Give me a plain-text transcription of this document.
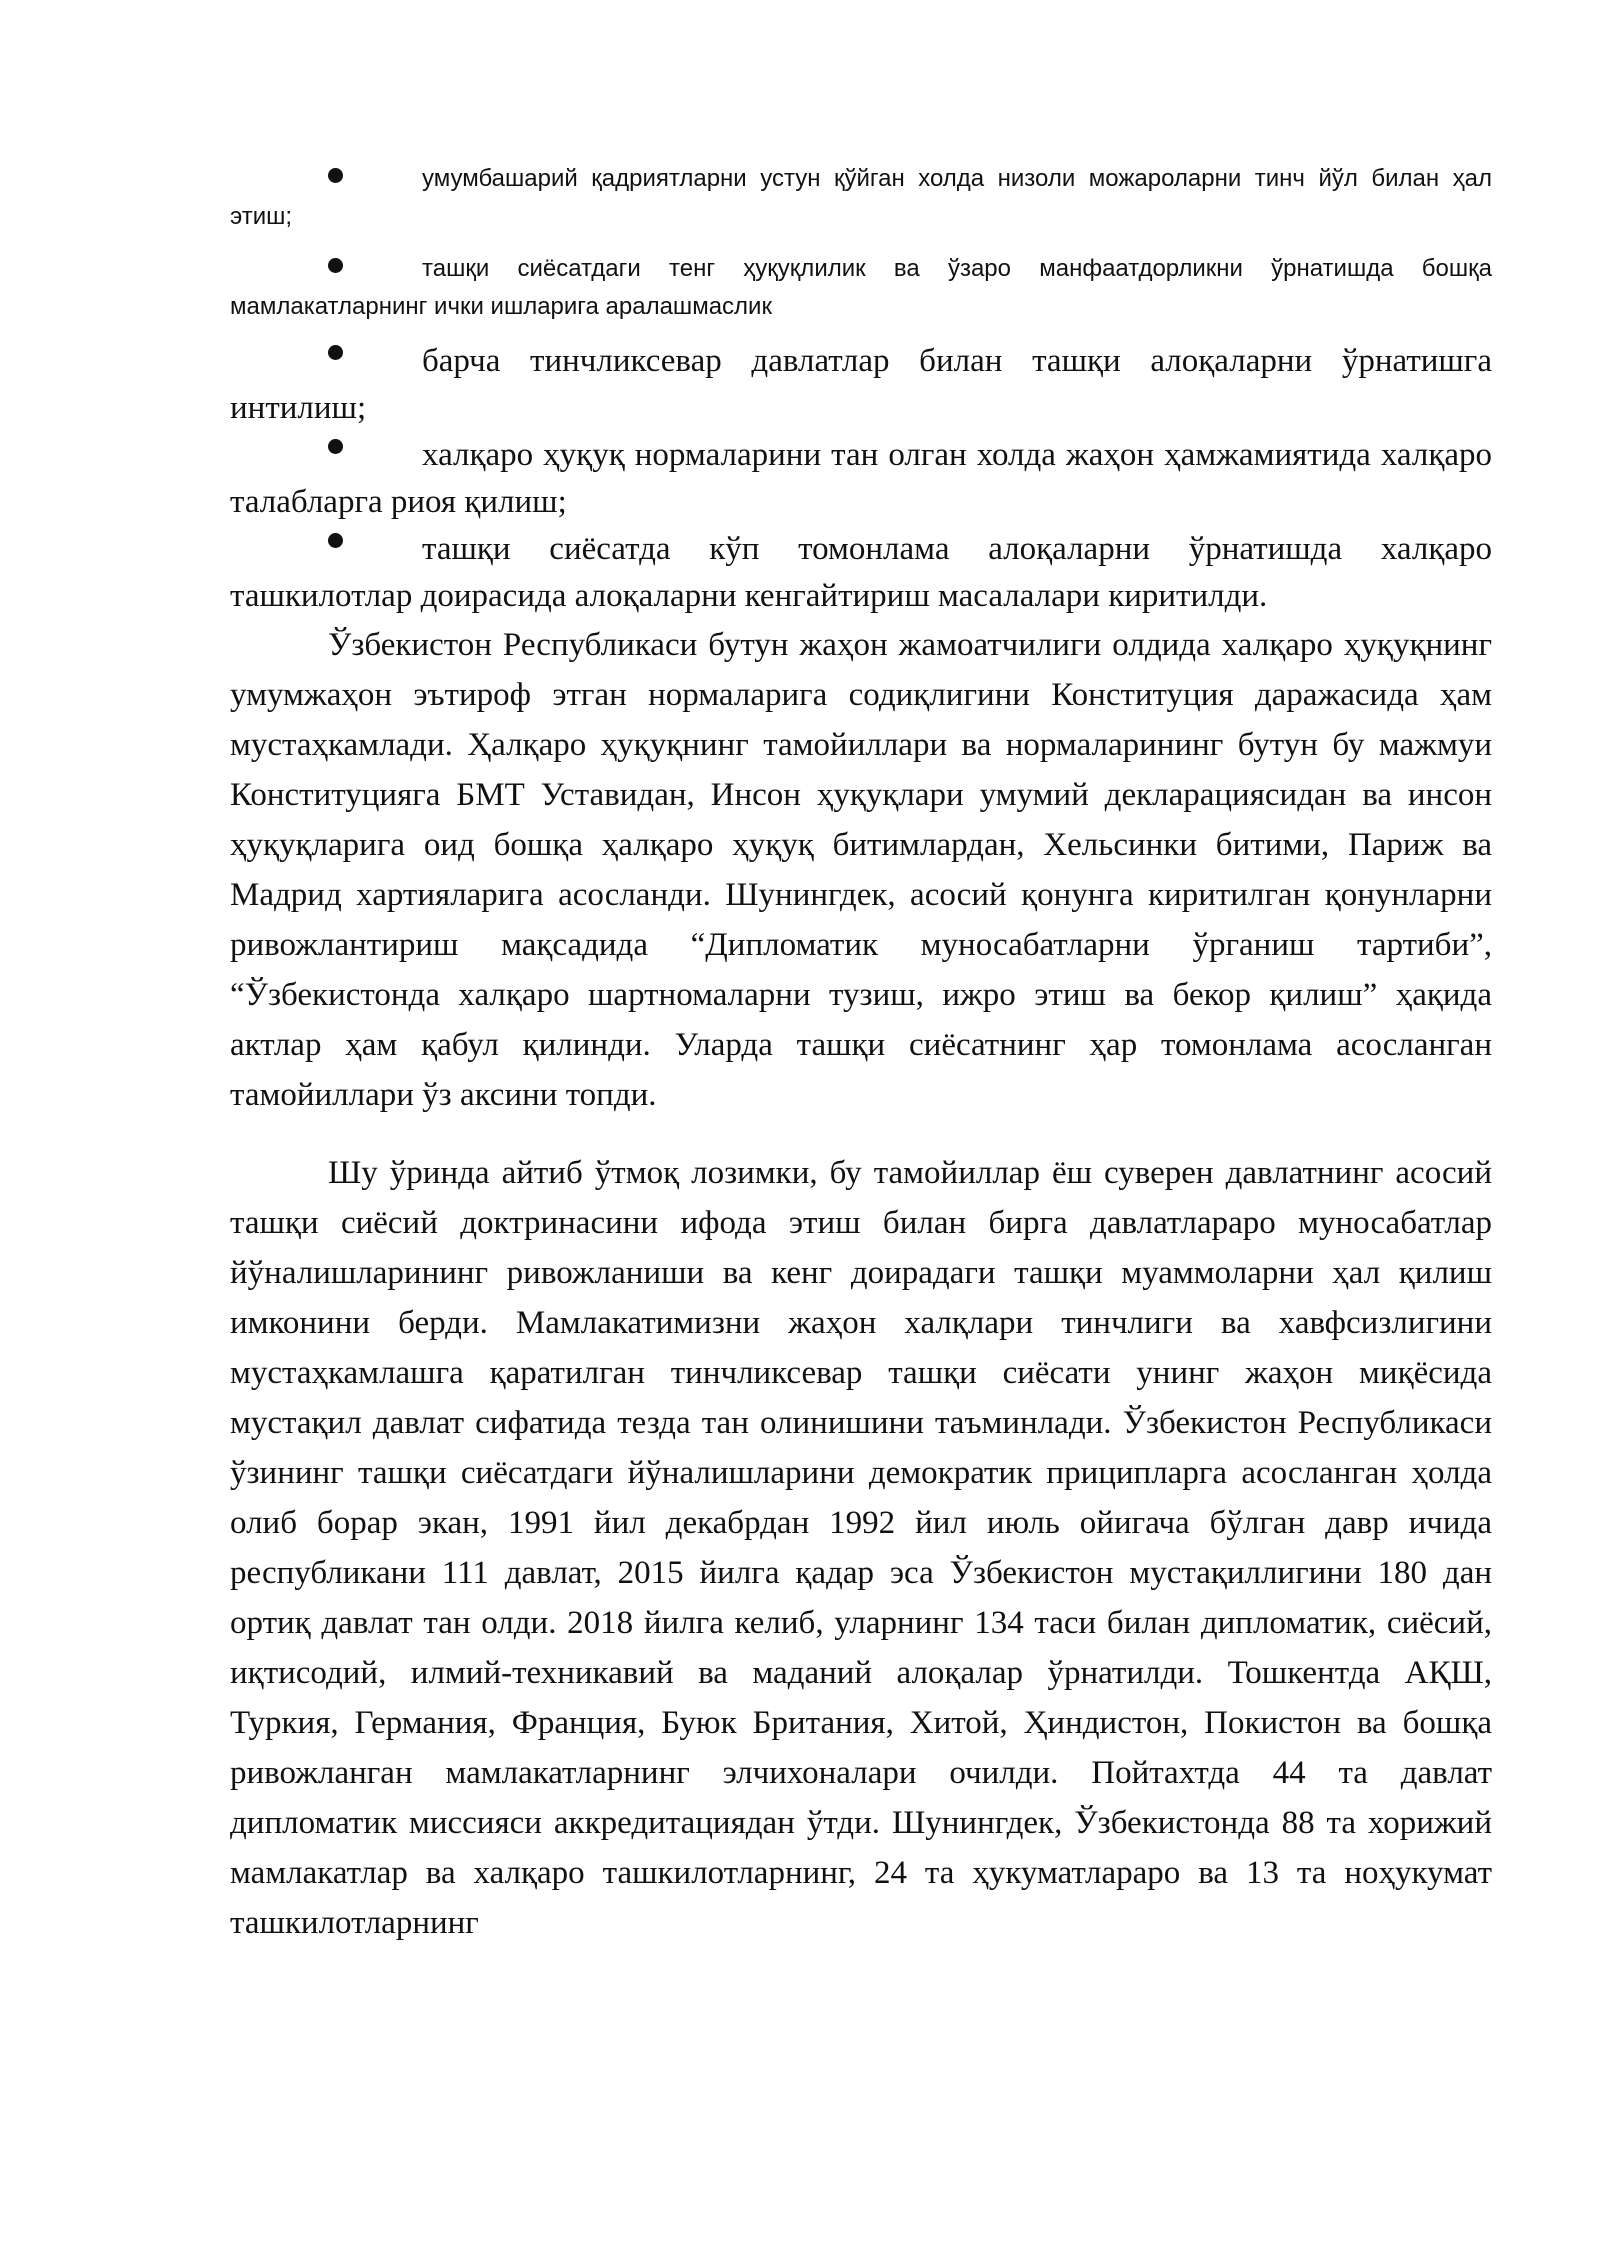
умумбашарий қадриятларни устун қўйган холда низоли можароларни тинч йўл билан ҳал этиш;
ташқи сиёсатдаги тенг ҳуқуқлилик ва ўзаро манфаатдорликни ўрнатишда бошқа мамлакатларнинг ички ишларига аралашмаслик
барча тинчликсевар давлатлар билан ташқи алоқаларни ўрнатишга интилиш;
халқаро ҳуқуқ нормаларини тан олган холда жаҳон ҳамжамиятида халқаро талабларга риоя қилиш;
ташқи сиёсатда кўп томонлама алоқаларни ўрнатишда халқаро ташкилотлар доирасида алоқаларни кенгайтириш масалалари киритилди.

Ўзбекистон Республикаси бутун жаҳон жамоатчилиги олдида халқаро ҳуқуқнинг умумжаҳон эътироф этган нормаларига содиқлигини Конституция даражасида ҳам мустаҳкамлади. Ҳалқаро ҳуқуқнинг тамойиллари ва нормаларининг бутун бу мажмуи Конституцияга БМТ Уставидан, Инсон ҳуқуқлари умумий декларациясидан ва инсон ҳуқуқларига оид бошқа ҳалқаро ҳуқуқ битимлардан, Хельсинки битими, Париж ва Мадрид хартияларига асосланди. Шунингдек, асосий қонунга киритилган қонунларни ривожлантириш мақсадида “Дипломатик муносабатларни ўрганиш тартиби”, “Ўзбекистонда халқаро шартномаларни тузиш, ижро этиш ва бекор қилиш” ҳақида актлар ҳам қабул қилинди. Уларда ташқи сиёсатнинг ҳар томонлама асосланган тамойиллари ўз аксини топди.

Шу ўринда айтиб ўтмоқ лозимки, бу тамойиллар ёш суверен давлатнинг асосий ташқи сиёсий доктринасини ифода этиш билан бирга давлатлараро муносабатлар йўналишларининг ривожланиши ва кенг доирадаги ташқи муаммоларни ҳал қилиш имконини берди. Мамлакатимизни жаҳон халқлари тинчлиги ва хавфсизлигини мустаҳкамлашга қаратилган тинчликсевар ташқи сиёсати унинг жаҳон миқёсида мустақил давлат сифатида тезда тан олинишини таъминлади. Ўзбекистон Республикаси ўзининг ташқи сиёсатдаги йўналишларини демократик приципларга асосланган ҳолда олиб борар экан, 1991 йил декабрдан 1992 йил июль ойигача бўлган давр ичида республикани 111 давлат, 2015 йилга қадар эса Ўзбекистон мустақиллигини 180 дан ортиқ давлат тан олди. 2018 йилга келиб, уларнинг 134 таси билан дипломатик, сиёсий, иқтисодий, илмий-техникавий ва маданий алоқалар ўрнатилди. Тошкентда АҚШ, Туркия, Германия, Франция, Буюк Британия, Хитой, Ҳиндистон, Покистон ва бошқа ривожланган мамлакатларнинг элчихоналари очилди. Пойтахтда 44 та давлат дипломатик миссияси аккредитациядан ўтди. Шунингдек, Ўзбекистонда 88 та хорижий мамлакатлар ва халқаро ташкилотларнинг, 24 та ҳукуматлараро ва 13 та ноҳукумат ташкилотларнинг
